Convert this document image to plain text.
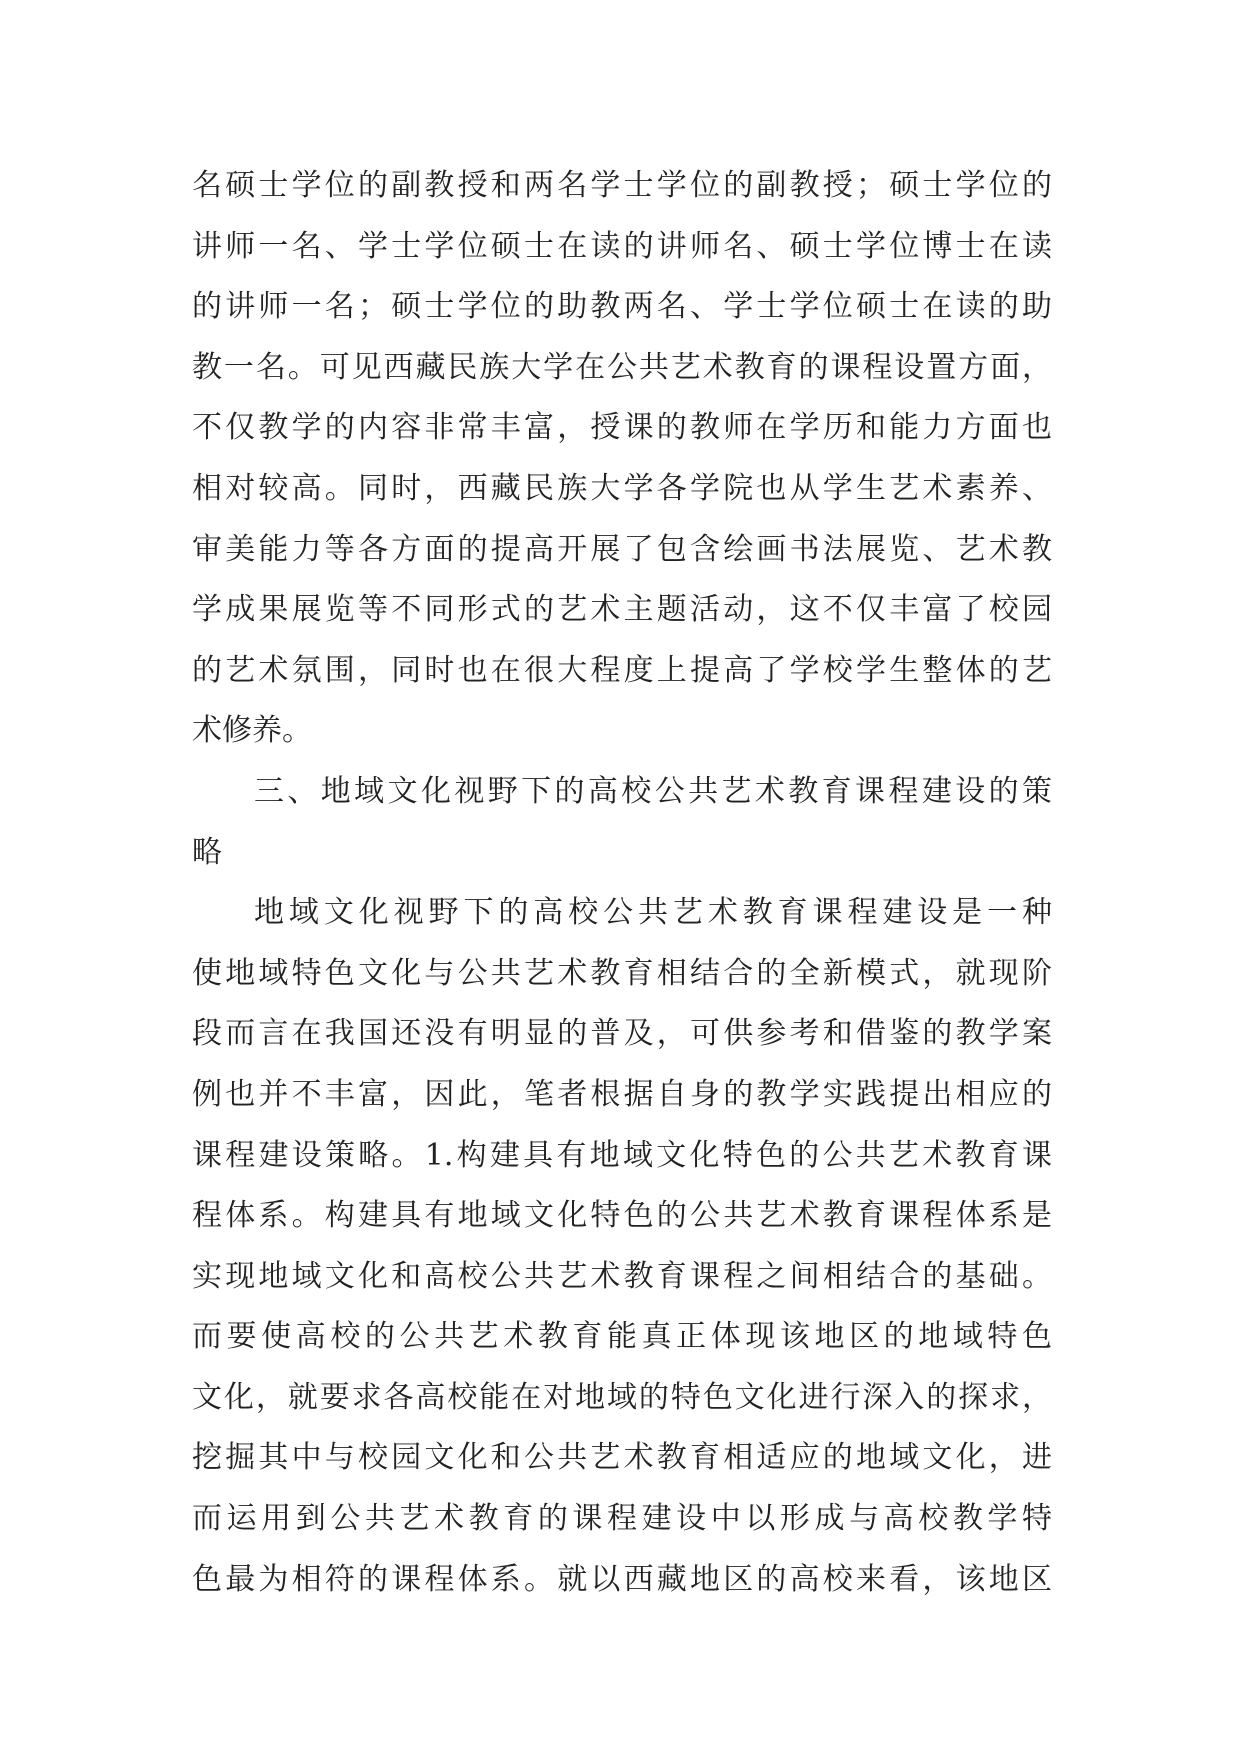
名硕士学位的副教授和两名学士学位的副教授；硕士学位的
讲师一名、学士学位硕士在读的讲师名、硕士学位博士在读
的讲师一名；硕士学位的助教两名、学士学位硕士在读的助
教一名。可见西藏民族大学在公共艺术教育的课程设置方面，
不仅教学的内容非常丰富，授课的教师在学历和能力方面也
相对较高。同时，西藏民族大学各学院也从学生艺术素养、
审美能力等各方面的提高开展了包含绘画书法展览、艺术教
学成果展览等不同形式的艺术主题活动，这不仅丰富了校园
的艺术氛围，同时也在很大程度上提高了学校学生整体的艺
术修养。
三、地域文化视野下的高校公共艺术教育课程建设的策
略
地域文化视野下的高校公共艺术教育课程建设是一种
使地域特色文化与公共艺术教育相结合的全新模式，就现阶
段而言在我国还没有明显的普及，可供参考和借鉴的教学案
例也并不丰富，因此，笔者根据自身的教学实践提出相应的
课程建设策略。1.构建具有地域文化特色的公共艺术教育课
程体系。构建具有地域文化特色的公共艺术教育课程体系是
实现地域文化和高校公共艺术教育课程之间相结合的基础。
而要使高校的公共艺术教育能真正体现该地区的地域特色
文化，就要求各高校能在对地域的特色文化进行深入的探求，
挖掘其中与校园文化和公共艺术教育相适应的地域文化，进
而运用到公共艺术教育的课程建设中以形成与高校教学特
色最为相符的课程体系。就以西藏地区的高校来看，该地区
